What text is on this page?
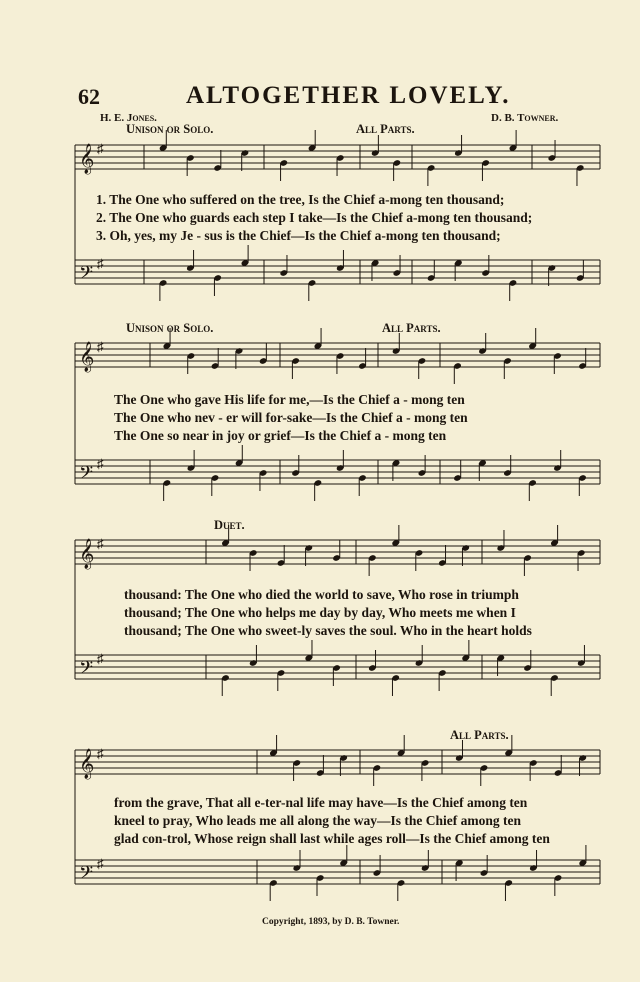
𝄞 ♯
𝄢 ♯
𝄞 ♯
𝄢 ♯
𝄞 ♯
𝄢 ♯
𝄞 ♯
𝄢 ♯
62	ALTOGETHER LOVELY.
H. E. Jones.	D. B. Towner.
Unison or Solo.	All Parts.
1. The One who suffered on the tree, Is the Chief a-mong ten thousand;
2. The One who guards each step I take—Is the Chief a-mong ten thousand;
3. Oh, yes, my Je - sus is the Chief—Is the Chief a-mong ten thousand;
Unison or Solo.	All Parts.
The One who gave His life for me,—Is the Chief a - mong ten
The One who nev - er will for-sake—Is the Chief a - mong ten
The One so near in joy or grief—Is the Chief a - mong ten
Duet.
thousand: The One who died the world to save, Who rose in triumph
thousand; The One who helps me day by day, Who meets me when I
thousand; The One who sweet-ly saves the soul. Who in the heart holds
All Parts.
from the grave, That all e-ter-nal life may have—Is the Chief among ten
kneel to pray, Who leads me all along the way—Is the Chief among ten
glad con-trol, Whose reign shall last while ages roll—Is the Chief among ten
Copyright, 1893, by D. B. Towner.
